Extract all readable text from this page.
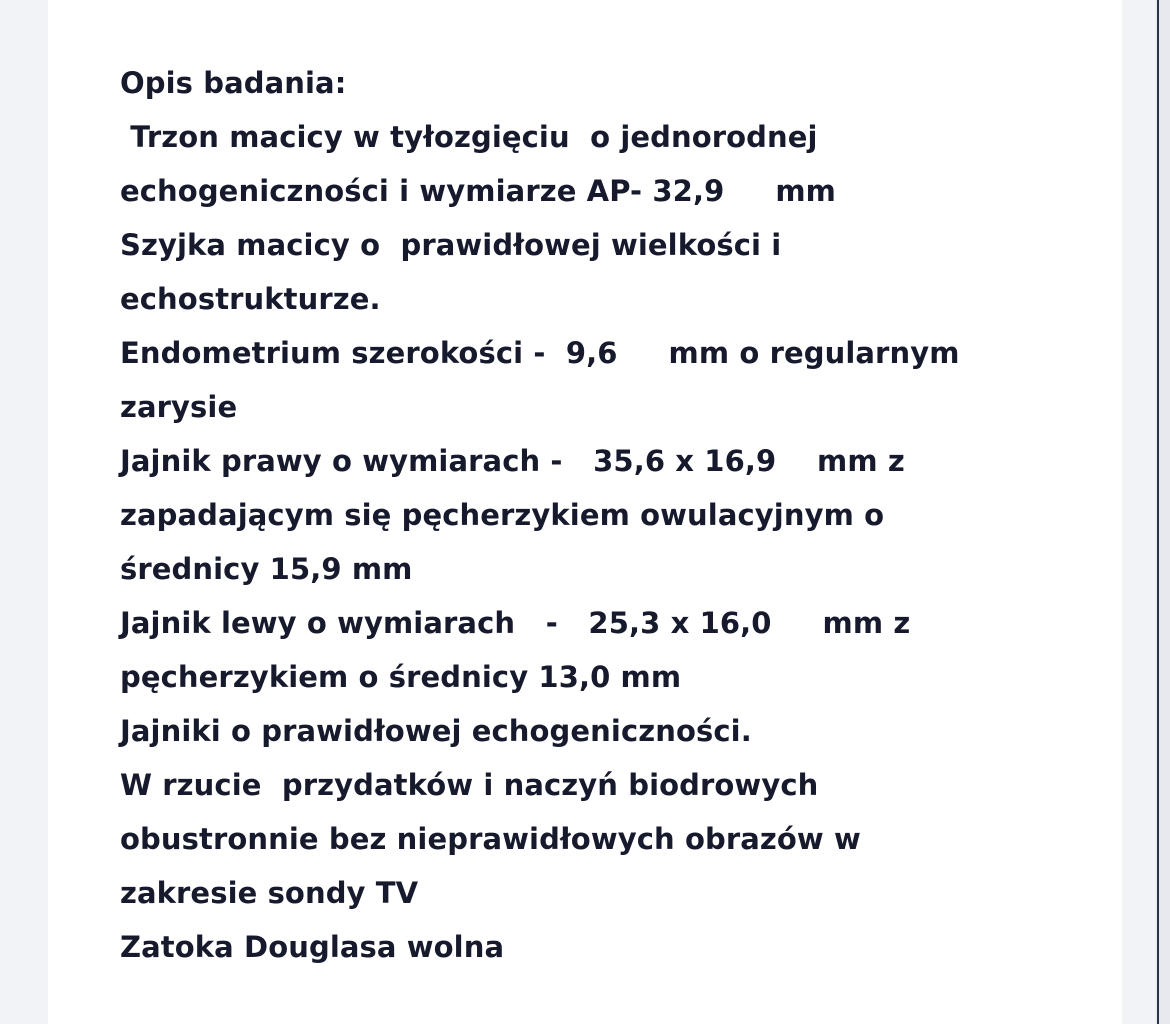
Opis badania:
Trzon macicy w tyłozgięciu  o jednorodnej
echogeniczności i wymiarze AP- 32,9     mm
Szyjka macicy o  prawidłowej wielkości i
echostrukturze.
Endometrium szerokości -  9,6     mm o regularnym
zarysie
Jajnik prawy o wymiarach -   35,6 x 16,9    mm z
zapadającym się pęcherzykiem owulacyjnym o
średnicy 15,9 mm
Jajnik lewy o wymiarach   -   25,3 x 16,0     mm z
pęcherzykiem o średnicy 13,0 mm
Jajniki o prawidłowej echogeniczności.
W rzucie  przydatków i naczyń biodrowych
obustronnie bez nieprawidłowych obrazów w
zakresie sondy TV
Zatoka Douglasa wolna
